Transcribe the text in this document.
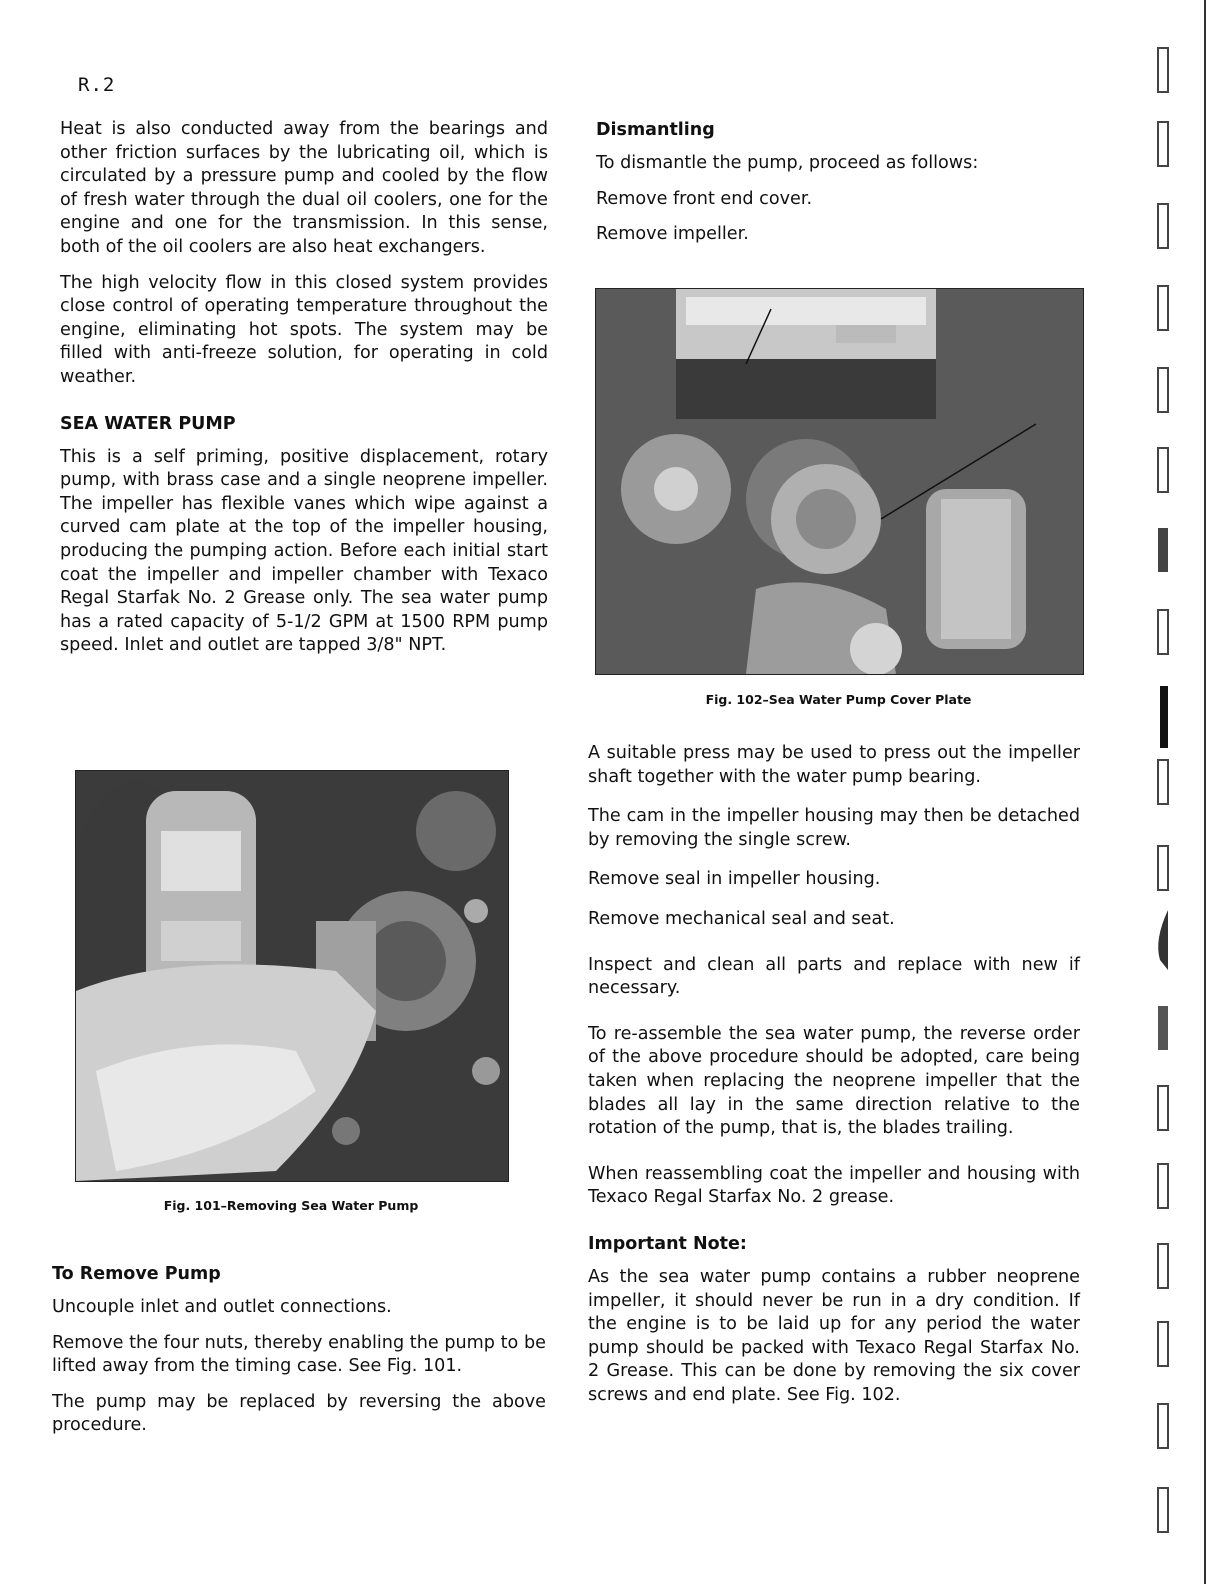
R.2

Heat is also conducted away from the bearings and other friction surfaces by the lubricating oil, which is circulated by a pressure pump and cooled by the flow of fresh water through the dual oil coolers, one for the engine and one for the transmission. In this sense, both of the oil coolers are also heat exchangers.

The high velocity flow in this closed system provides close control of operating temperature throughout the engine, eliminating hot spots. The system may be filled with anti-freeze solution, for operating in cold weather.

SEA WATER PUMP

This is a self priming, positive displacement, rotary pump, with brass case and a single neoprene impeller. The impeller has flexible vanes which wipe against a curved cam plate at the top of the impeller housing, producing the pumping action. Before each initial start coat the impeller and impeller chamber with Texaco Regal Starfak No. 2 Grease only. The sea water pump has a rated capacity of 5-1/2 GPM at 1500 RPM pump speed. Inlet and outlet are tapped 3/8" NPT.

Fig. 101–Removing Sea Water Pump
To Remove Pump

Uncouple inlet and outlet connections.

Remove the four nuts, thereby enabling the pump to be lifted away from the timing case. See Fig. 101.

The pump may be replaced by reversing the above procedure.

Dismantling

To dismantle the pump, proceed as follows:

Remove front end cover.

Remove impeller.

Fig. 102–Sea Water Pump Cover Plate

A suitable press may be used to press out the impeller shaft together with the water pump bearing.

The cam in the impeller housing may then be detached by removing the single screw.

Remove seal in impeller housing.

Remove mechanical seal and seat.

Inspect and clean all parts and replace with new if necessary.

To re-assemble the sea water pump, the reverse order of the above procedure should be adopted, care being taken when replacing the neoprene impeller that the blades all lay in the same direction relative to the rotation of the pump, that is, the blades trailing.

When reassembling coat the impeller and housing with Texaco Regal Starfax No. 2 grease.

Important Note:

As the sea water pump contains a rubber neoprene impeller, it should never be run in a dry condition. If the engine is to be laid up for any period the water pump should be packed with Texaco Regal Starfax No. 2 Grease. This can be done by removing the six cover screws and end plate. See Fig. 102.
